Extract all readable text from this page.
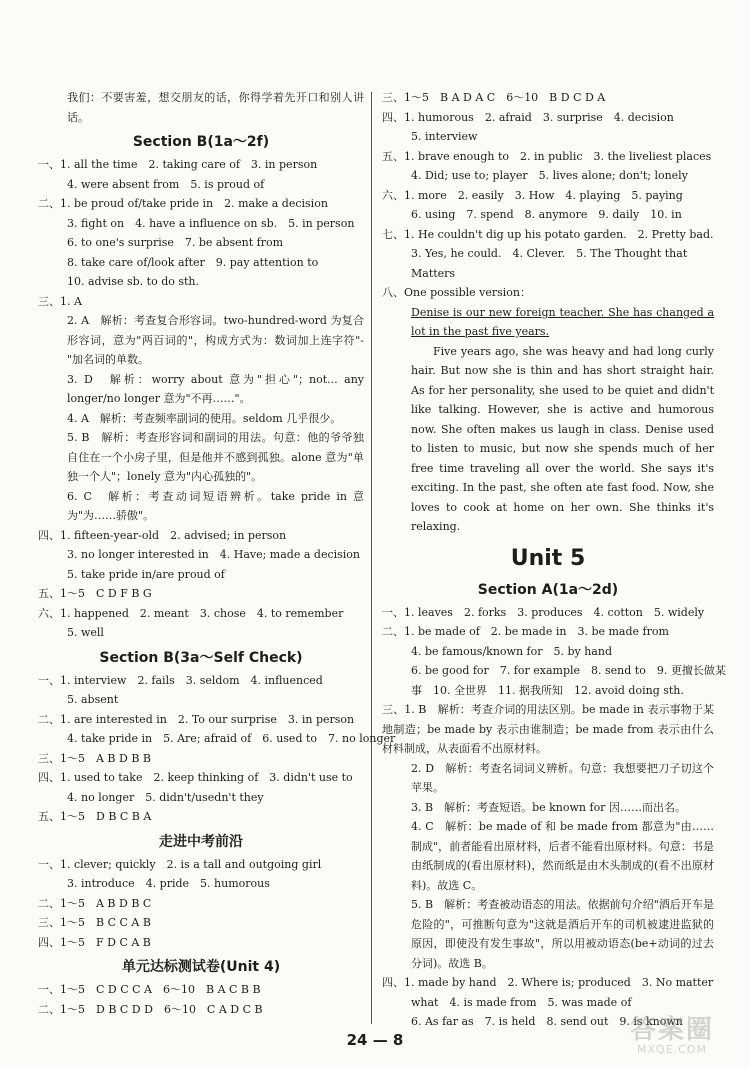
我们：不要害羞，想交朋友的话，你得学着先开口和别人讲话。

Section B(1a～2f)

一、1. all the time　2. taking care of　3. in person

4. were absent from　5. is proud of

二、1. be proud of/take pride in　2. make a decision

3. fight on　4. have a influence on sb.　5. in person

6. to one's surprise　7. be absent from

8. take care of/look after　9. pay attention to

10. advise sb. to do sth.

三、1. A

2. A　解析：考查复合形容词。two-hundred-word 为复合形容词，意为"两百词的"，构成方式为：数词加上连字符"-"加名词的单数。

3. D　解析：worry about 意为"担心"；not... any longer/no longer 意为"不再……"。

4. A　解析：考查频率副词的使用。seldom 几乎很少。

5. B　解析：考查形容词和副词的用法。句意：他的爷爷独自住在一个小房子里，但是他并不感到孤独。alone 意为"单独一个人"；lonely 意为"内心孤独的"。

6. C　解析：考查动词短语辨析。take pride in 意为"为……骄傲"。

四、1. fifteen-year-old　2. advised; in person

3. no longer interested in　4. Have; made a decision

5. take pride in/are proud of

五、1～5　C D F B G

六、1. happened　2. meant　3. chose　4. to remember

5. well

Section B(3a～Self Check)

一、1. interview　2. fails　3. seldom　4. influenced

5. absent

二、1. are interested in　2. To our surprise　3. in person

4. take pride in　5. Are; afraid of　6. used to　7. no longer

三、1～5　A B D B B

四、1. used to take　2. keep thinking of　3. didn't use to

4. no longer　5. didn't/usedn't they

五、1～5　D B C B A

走进中考前沿

一、1. clever; quickly　2. is a tall and outgoing girl

3. introduce　4. pride　5. humorous

二、1～5　A B D B C

三、1～5　B C C A B

四、1～5　F D C A B

单元达标测试卷(Unit 4)

一、1～5　C D C C A　6～10　B A C B B

二、1～5　D B C D D　6～10　C A D C B

三、1～5　B A D A C　6～10　B D C D A

四、1. humorous　2. afraid　3. surprise　4. decision

5. interview

五、1. brave enough to　2. in public　3. the liveliest places

4. Did; use to; player　5. lives alone; don't; lonely

六、1. more　2. easily　3. How　4. playing　5. paying

6. using　7. spend　8. anymore　9. daily　10. in

七、1. He couldn't dig up his potato garden.　2. Pretty bad.

3. Yes, he could.　4. Clever.　5. The Thought that

Matters

八、One possible version：

Denise is our new foreign teacher. She has changed a lot in the past five years.

Five years ago, she was heavy and had long curly hair. But now she is thin and has short straight hair. As for her personality, she used to be quiet and didn't like talking. However, she is active and humorous now. She often makes us laugh in class. Denise used to listen to music, but now she spends much of her free time traveling all over the world. She says it's exciting. In the past, she often ate fast food. Now, she loves to cook at home on her own. She thinks it's relaxing.

Unit 5
Section A(1a～2d)

一、1. leaves　2. forks　3. produces　4. cotton　5. widely

二、1. be made of　2. be made in　3. be made from

4. be famous/known for　5. by hand

6. be good for　7. for example　8. send to　9. 更擅长做某

事　10. 全世界　11. 据我所知　12. avoid doing sth.

三、1. B　解析：考查介词的用法区别。be made in 表示事物于某地制造；be made by 表示由谁制造；be made from 表示由什么材料制成，从表面看不出原材料。

2. D　解析：考查名词词义辨析。句意：我想要把刀子切这个苹果。

3. B　解析：考查短语。be known for 因……而出名。

4. C　解析：be made of 和 be made from 都意为"由……制成"，前者能看出原材料，后者不能看出原材料。句意：书是由纸制成的(看出原材料)，然而纸是由木头制成的(看不出原材料)。故选 C。

5. B　解析：考查被动语态的用法。依据前句介绍"酒后开车是危险的"，可推断句意为"这就是酒后开车的司机被逮进监狱的原因，即使没有发生事故"，所以用被动语态(be+动词的过去分词)。故选 B。

四、1. made by hand　2. Where is; produced　3. No matter

what　4. is made from　5. was made of

6. As far as　7. is held　8. send out　9. is known

24 — 8	答案圈
MXQE.COM
